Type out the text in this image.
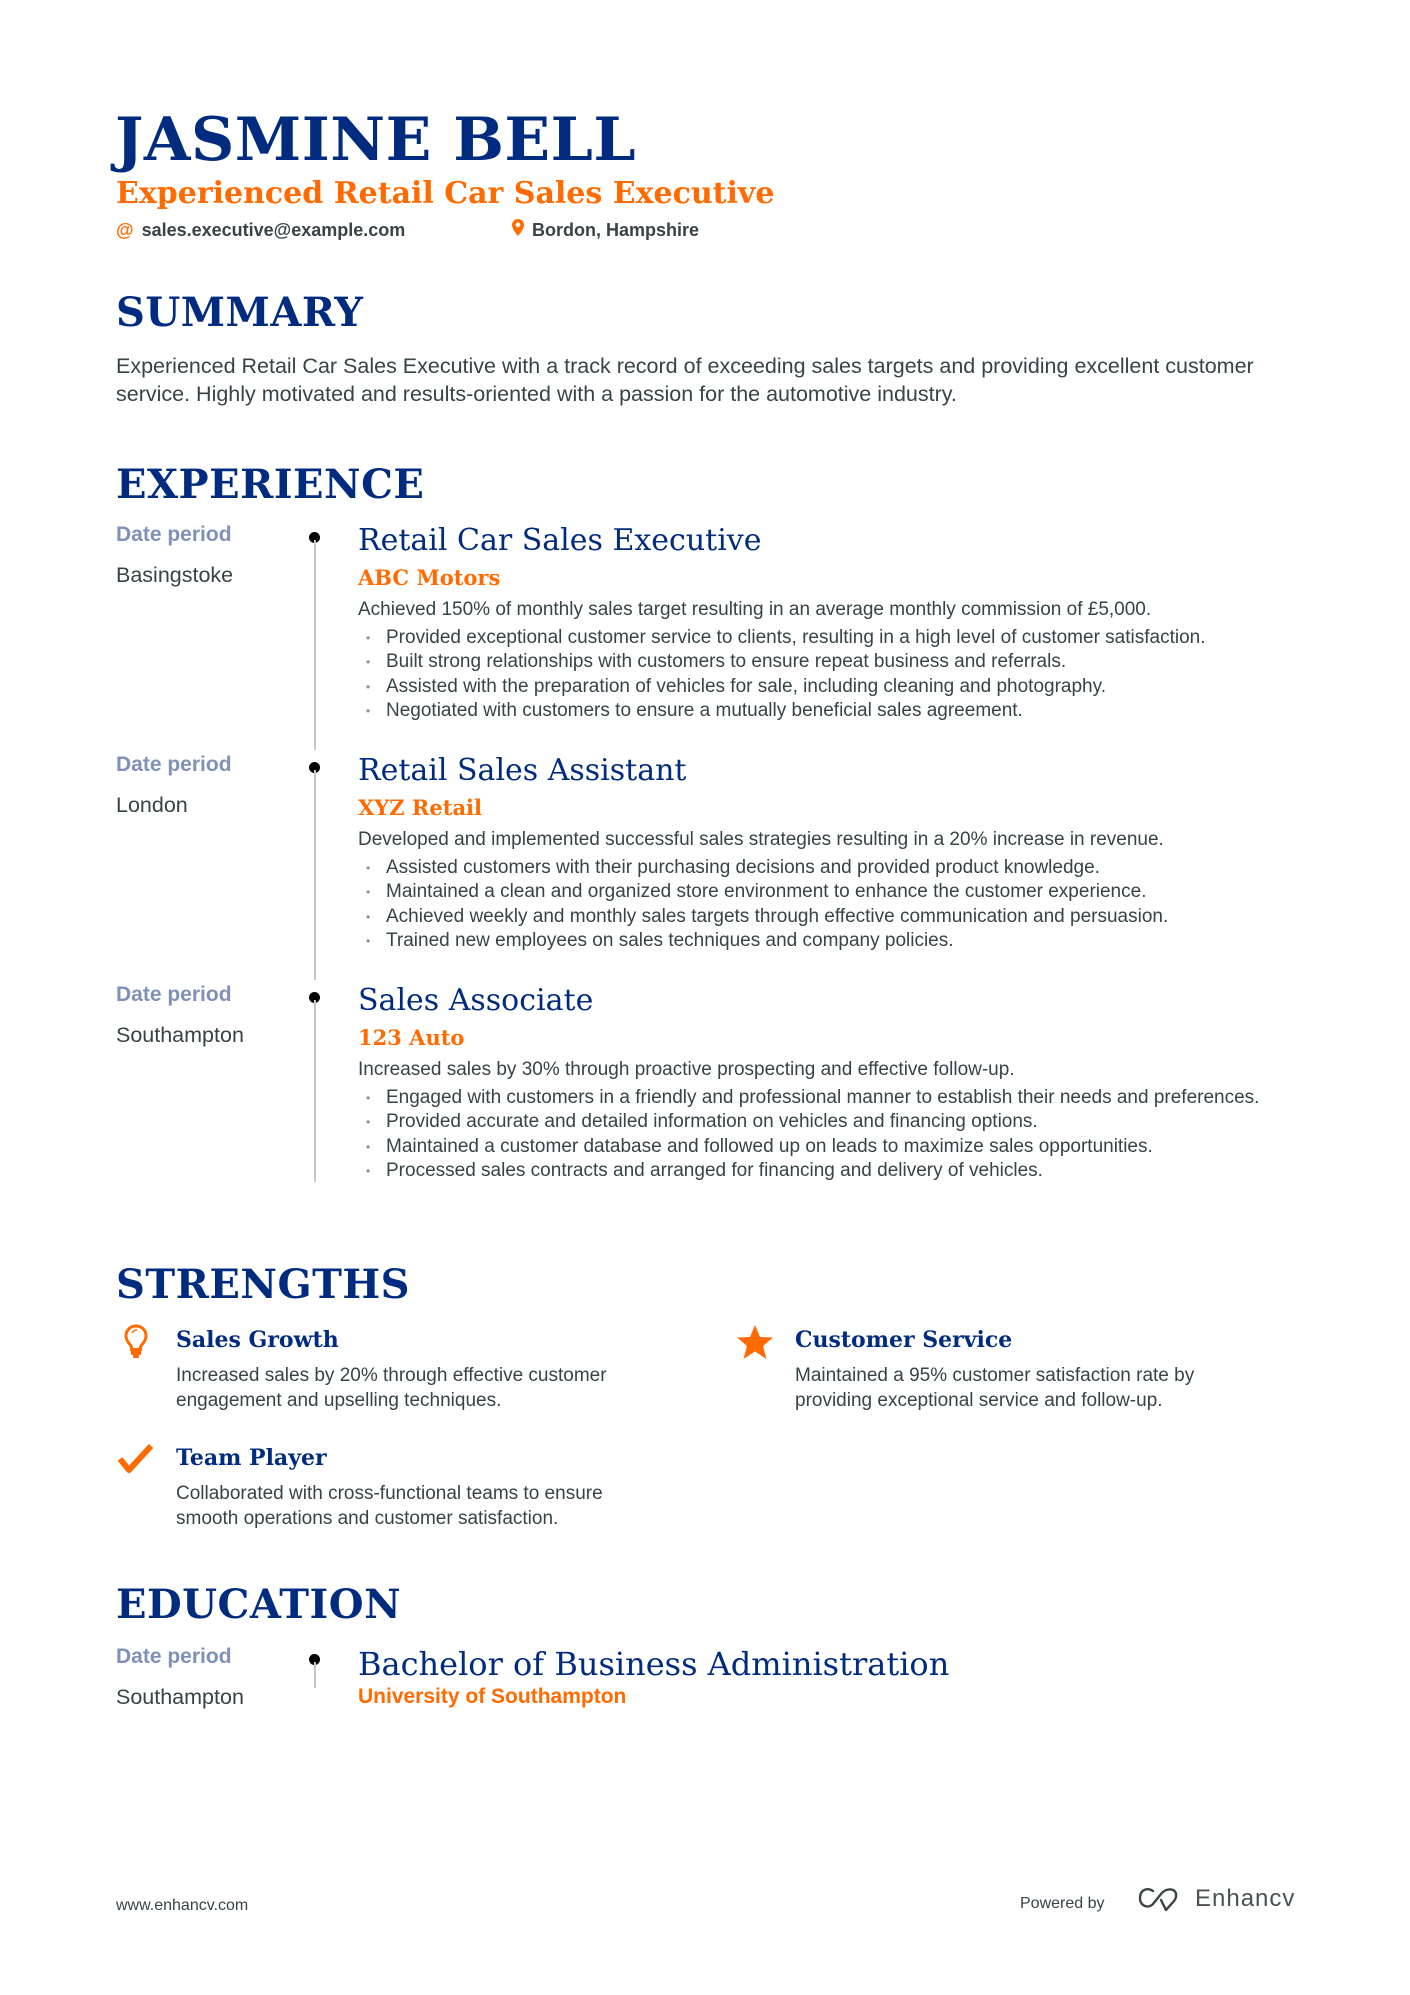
JASMINE BELL
Experienced Retail Car Sales Executive
@ sales.executive@example.com	Bordon, Hampshire
SUMMARY
Experienced Retail Car Sales Executive with a track record of exceeding sales targets and providing excellent customer service. Highly motivated and results-oriented with a passion for the automotive industry.
EXPERIENCE
Date period
Basingstoke
Retail Car Sales Executive
ABC Motors
Achieved 150% of monthly sales target resulting in an average monthly commission of £5,000.
• Provided exceptional customer service to clients, resulting in a high level of customer satisfaction.
• Built strong relationships with customers to ensure repeat business and referrals.
• Assisted with the preparation of vehicles for sale, including cleaning and photography.
• Negotiated with customers to ensure a mutually beneficial sales agreement.
Date period
London
Retail Sales Assistant
XYZ Retail
Developed and implemented successful sales strategies resulting in a 20% increase in revenue.
• Assisted customers with their purchasing decisions and provided product knowledge.
• Maintained a clean and organized store environment to enhance the customer experience.
• Achieved weekly and monthly sales targets through effective communication and persuasion.
• Trained new employees on sales techniques and company policies.
Date period
Southampton
Sales Associate
123 Auto
Increased sales by 30% through proactive prospecting and effective follow-up.
• Engaged with customers in a friendly and professional manner to establish their needs and preferences.
• Provided accurate and detailed information on vehicles and financing options.
• Maintained a customer database and followed up on leads to maximize sales opportunities.
• Processed sales contracts and arranged for financing and delivery of vehicles.
STRENGTHS
Sales Growth
Increased sales by 20% through effective customer engagement and upselling techniques.
Customer Service
Maintained a 95% customer satisfaction rate by providing exceptional service and follow-up.
Team Player
Collaborated with cross-functional teams to ensure smooth operations and customer satisfaction.
EDUCATION
Date period
Southampton
Bachelor of Business Administration
University of Southampton
www.enhancv.com	Powered by	Enhancv
